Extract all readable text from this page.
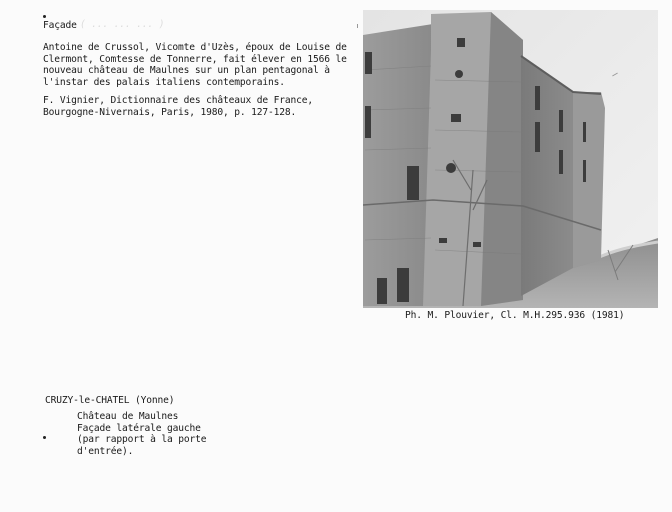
Façade ( ... ... ... )
Antoine de Crussol, Vicomte d'Uzès, époux de Louise de
Clermont, Comtesse de Tonnerre, fait élever en 1566 le
nouveau château de Maulnes sur un plan pentagonal à
l'instar des palais italiens contemporains.
F. Vignier, Dictionnaire des châteaux de France,
Bourgogne-Nivernais, Paris, 1980, p. 127-128.
Ph. M. Plouvier, Cl. M.H.295.936 (1981)
CRUZY-le-CHATEL (Yonne)
Château de Maulnes
Façade latérale gauche
(par rapport à la porte
d'entrée).
